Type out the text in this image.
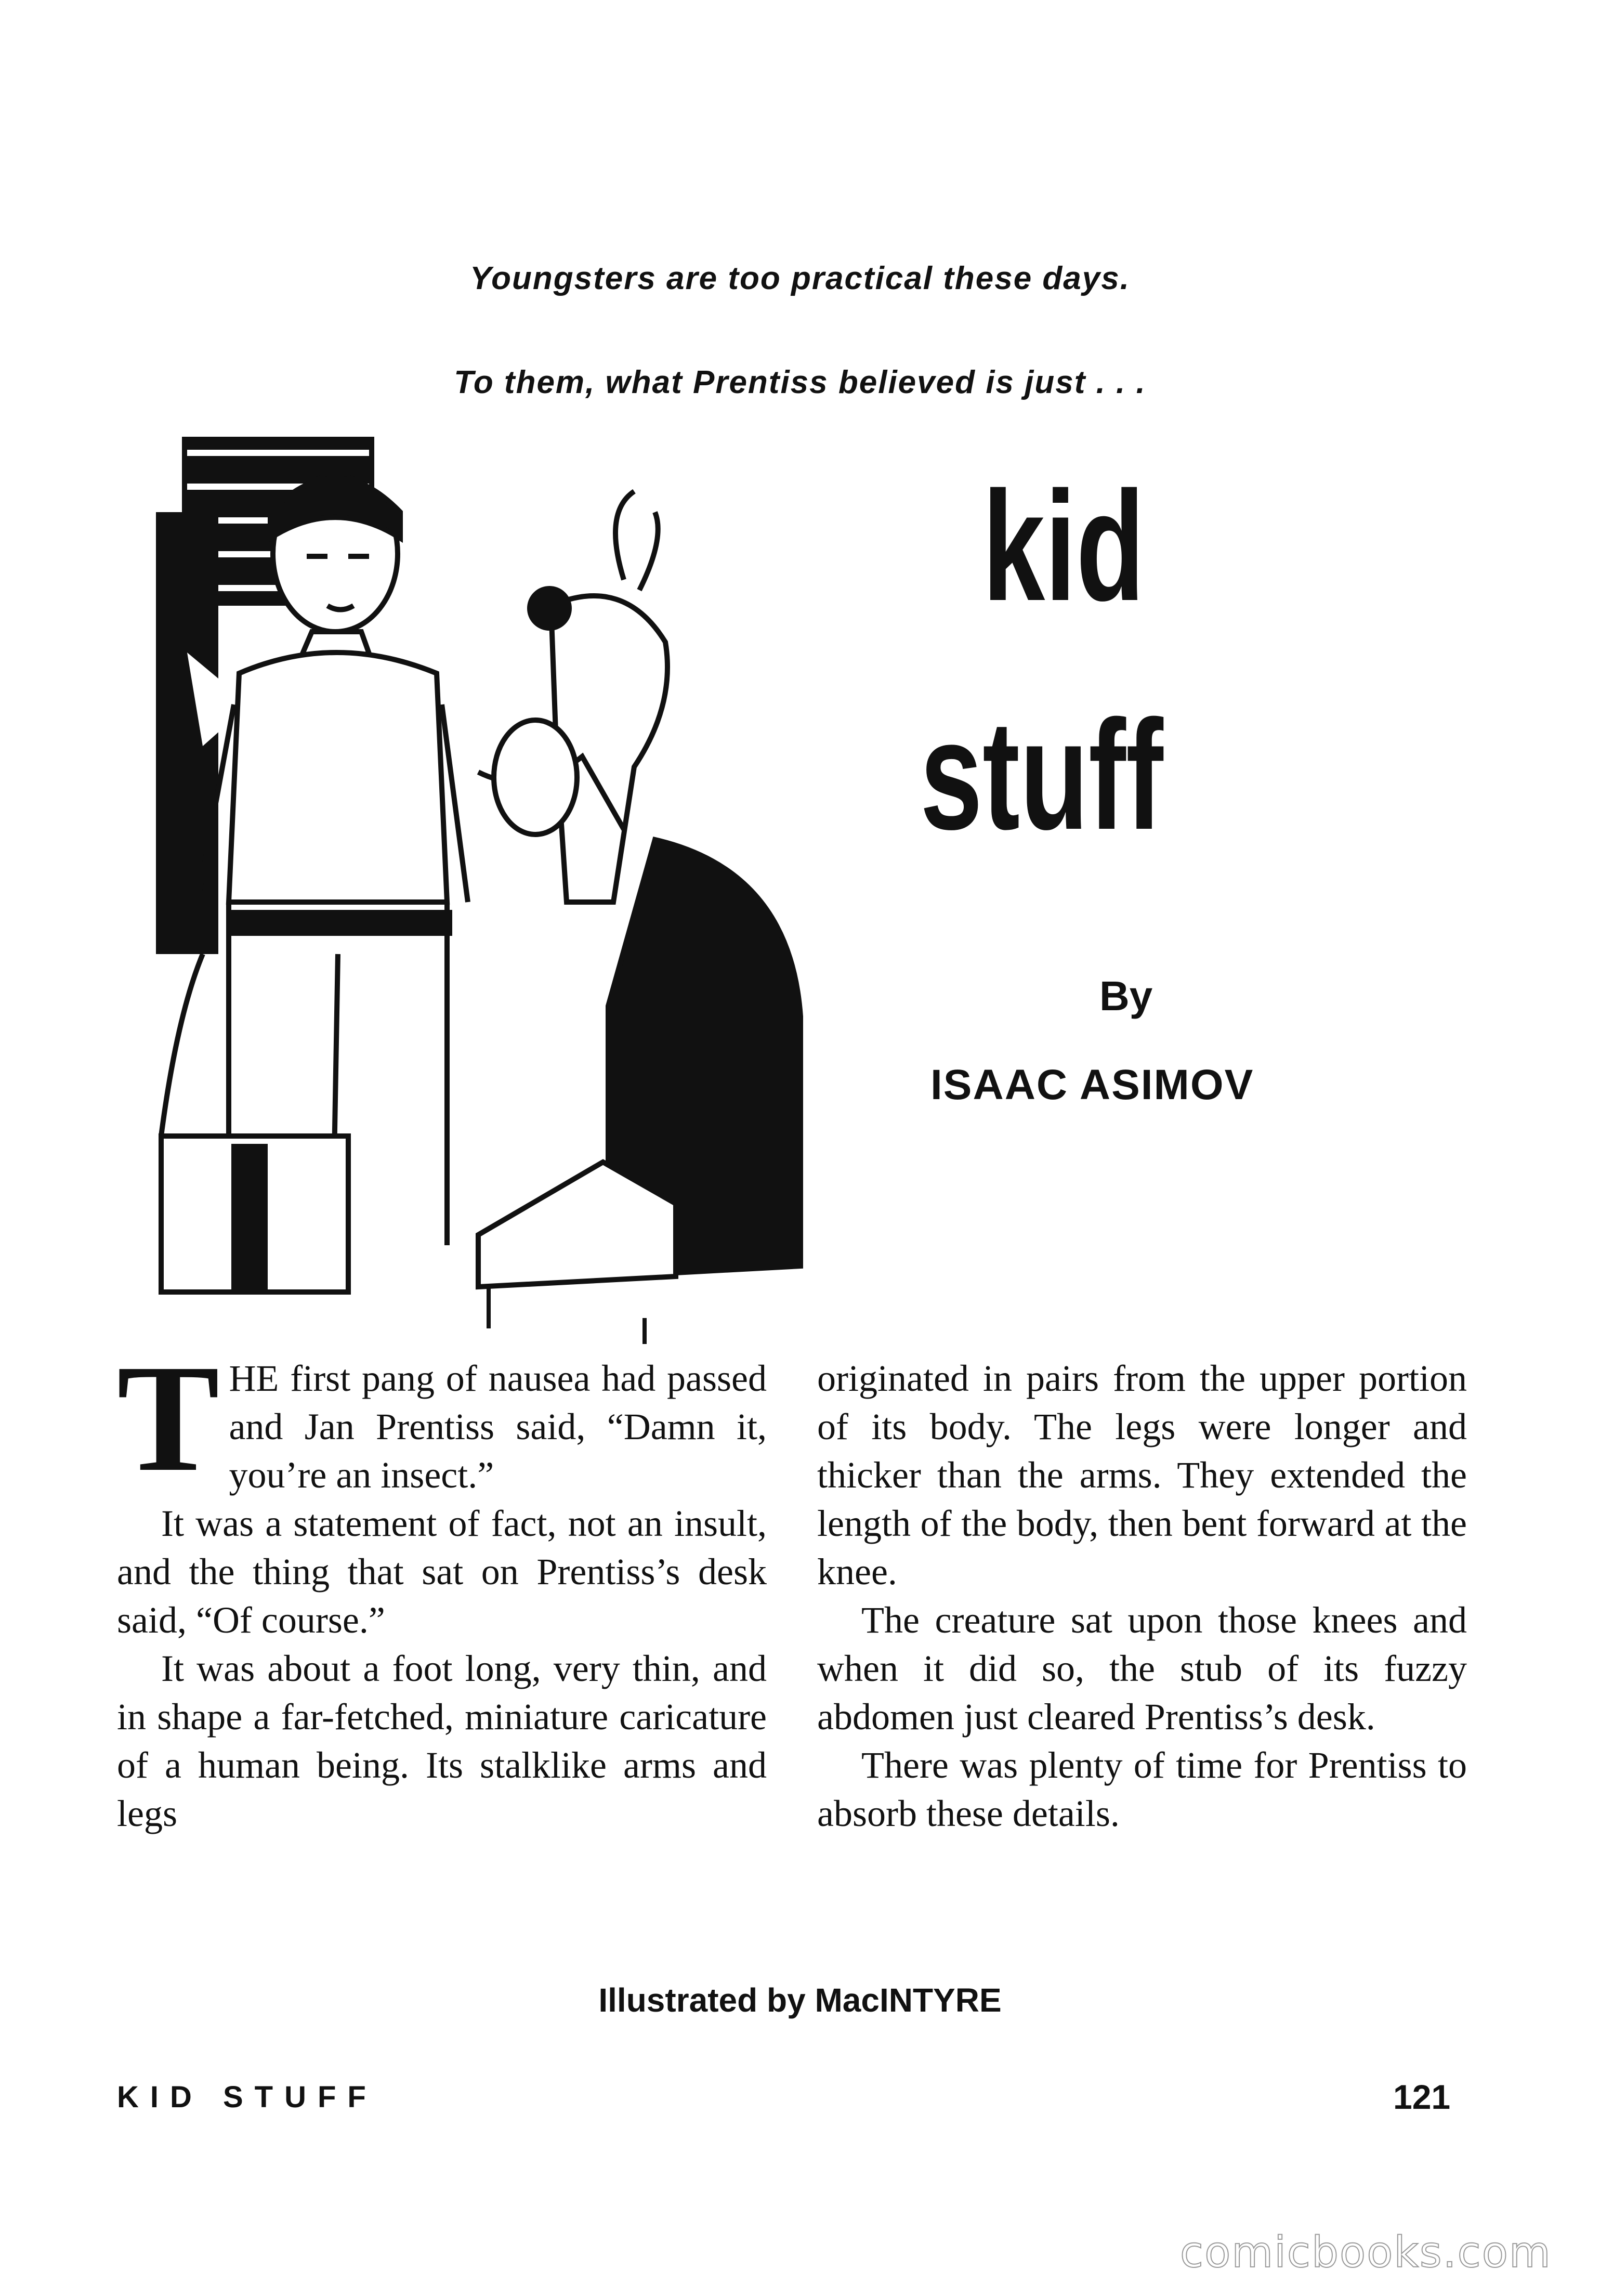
Youngsters are too practical these days.
To them, what Prentiss believed is just . . .
kid
stuff
By
ISAAC ASIMOV
T HE first pang of nausea had passed and Jan Prentiss said, “Damn it, you’re an insect.”

It was a statement of fact, not an insult, and the thing that sat on Prentiss’s desk said, “Of course.”

It was about a foot long, very thin, and in shape a far-fetched, miniature caricature of a human being. Its stalklike arms and legs

originated in pairs from the upper portion of its body. The legs were longer and thicker than the arms. They extended the length of the body, then bent forward at the knee.

The creature sat upon those knees and when it did so, the stub of its fuzzy abdomen just cleared Prentiss’s desk.

There was plenty of time for Prentiss to absorb these details.

Illustrated by MacINTYRE
KID STUFF	121
comicbooks.com
